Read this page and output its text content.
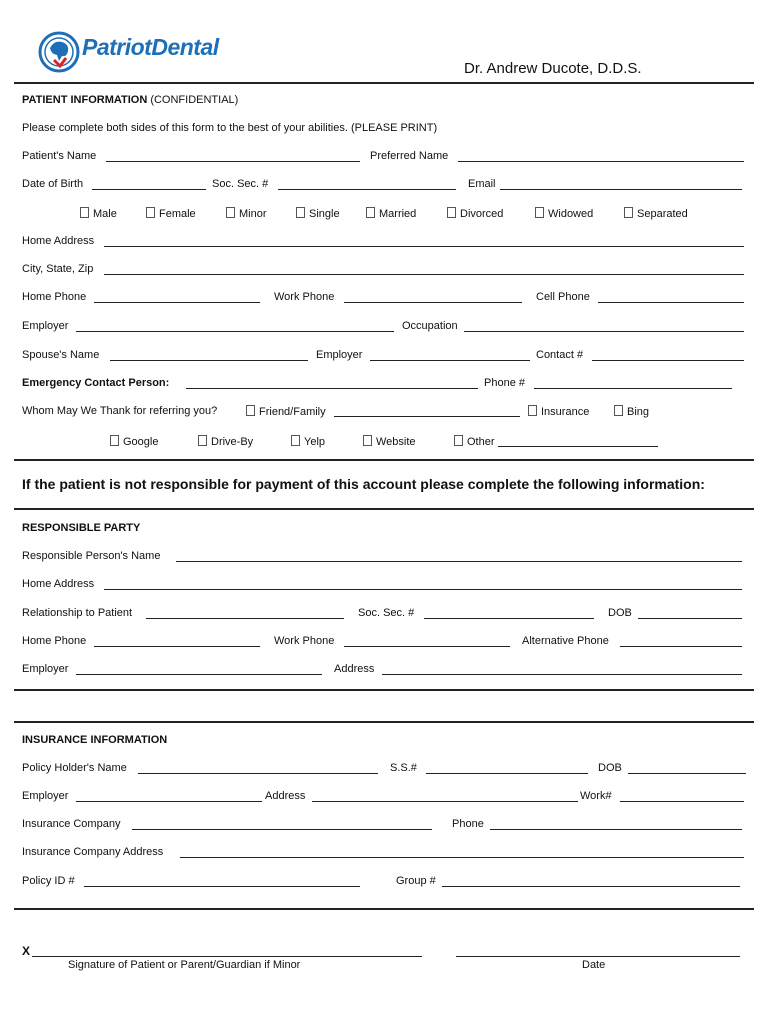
PatriotDental
Dr. Andrew Ducote, D.D.S.
PATIENT INFORMATION (CONFIDENTIAL)
Please complete both sides of this form to the best of your abilities. (PLEASE PRINT)
Patient's Name	Preferred Name
Date of Birth	Soc. Sec. #	Email
Male	Female	Minor	Single	Married	Divorced	Widowed	Separated
Home Address
City, State, Zip
Home Phone	Work Phone	Cell Phone
Employer	Occupation
Spouse's Name	Employer	Contact #
Emergency Contact Person:	Phone #
Whom May We Thank for referring you?	Friend/Family	Insurance	Bing
Google	Drive-By	Yelp	Website	Other
If the patient is not responsible for payment of this account please complete the following information:
RESPONSIBLE PARTY
Responsible Person's Name
Home Address
Relationship to Patient	Soc. Sec. #	DOB
Home Phone	Work Phone	Alternative Phone
Employer	Address
INSURANCE INFORMATION
Policy Holder's Name	S.S.#	DOB
Employer	Address	Work#
Insurance Company	Phone
Insurance Company Address
Policy ID #	Group #
X
Signature of Patient or Parent/Guardian if Minor	Date
